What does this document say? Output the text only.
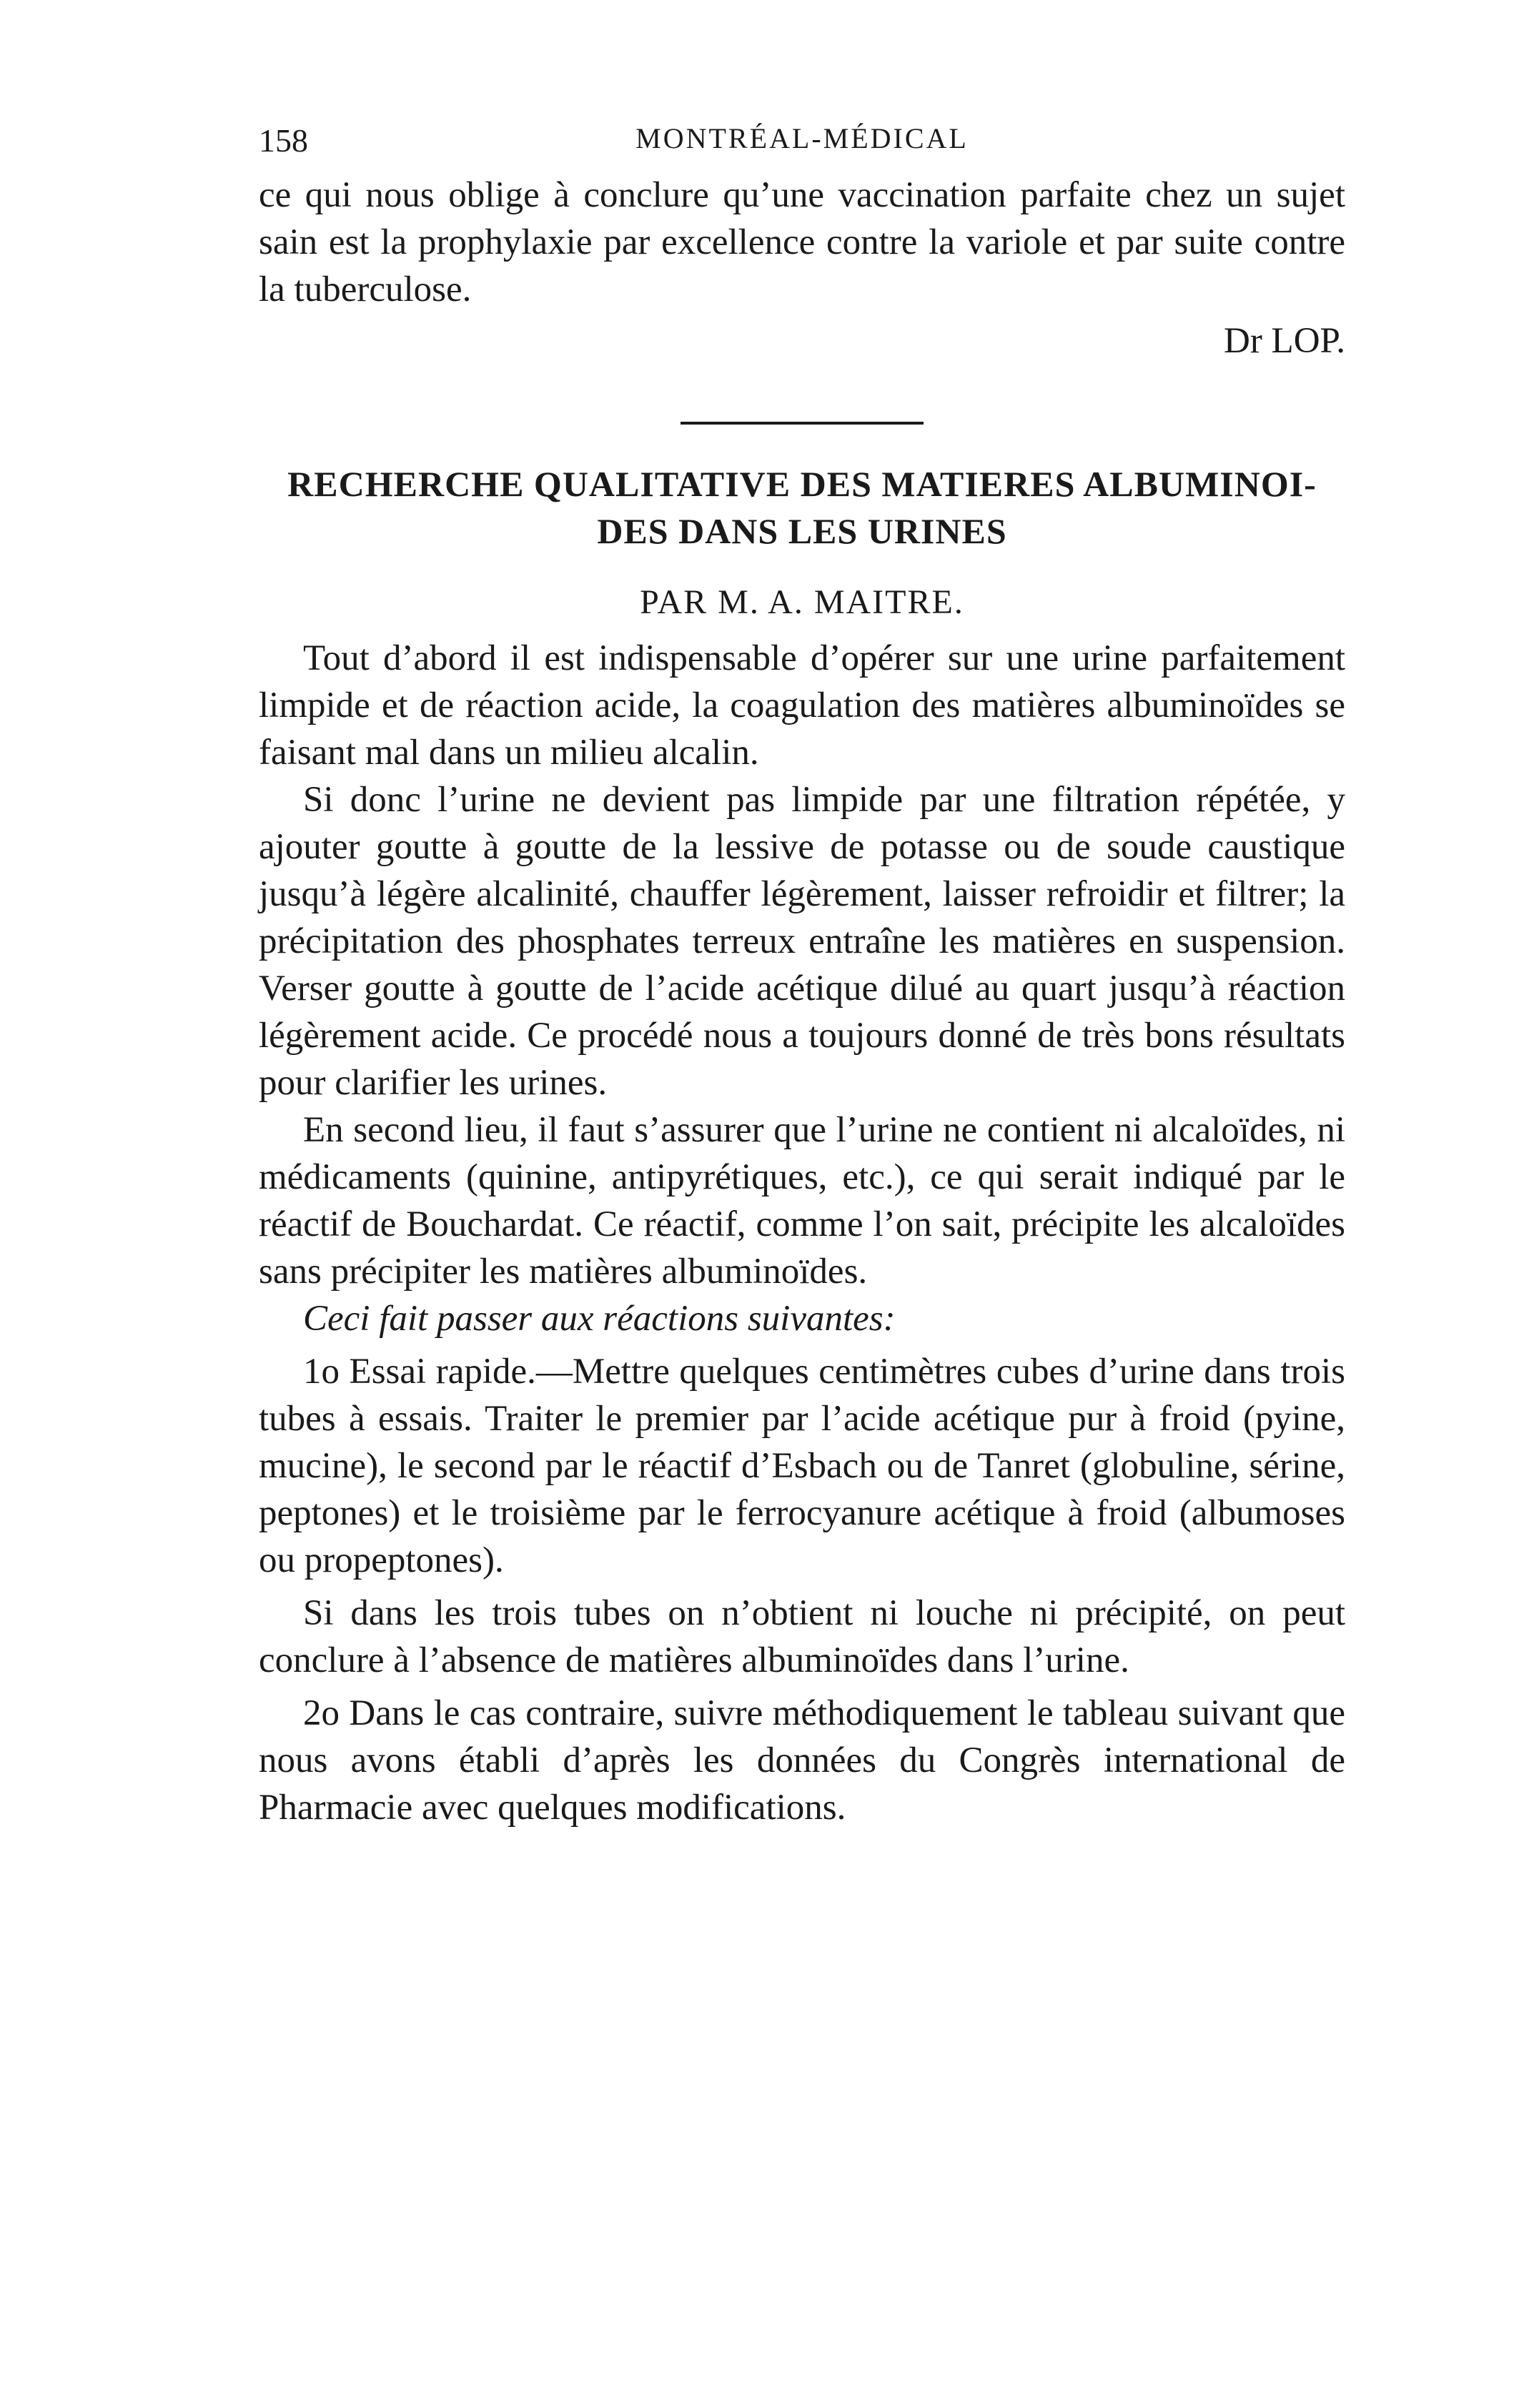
158	MONTRÉAL-MÉDICAL

ce qui nous oblige à conclure qu’une vaccination parfaite chez un sujet sain est la prophylaxie par excellence contre la variole et par suite contre la tuberculose.

Dr LOP.

RECHERCHE QUALITATIVE DES MATIERES ALBUMINOI-
DES DANS LES URINES

PAR M. A. MAITRE.

Tout d’abord il est indispensable d’opérer sur une urine parfaitement limpide et de réaction acide, la coagulation des matières albuminoïdes se faisant mal dans un milieu alcalin.

Si donc l’urine ne devient pas limpide par une filtration répétée, y ajouter goutte à goutte de la lessive de potasse ou de soude caustique jusqu’à légère alcalinité, chauffer légèrement, laisser refroidir et filtrer; la précipitation des phosphates terreux entraîne les matières en suspension. Verser goutte à goutte de l’acide acétique dilué au quart jusqu’à réaction légèrement acide. Ce procédé nous a toujours donné de très bons résultats pour clarifier les urines.

En second lieu, il faut s’assurer que l’urine ne contient ni alcaloïdes, ni médicaments (quinine, antipyrétiques, etc.), ce qui serait indiqué par le réactif de Bouchardat. Ce réactif, comme l’on sait, précipite les alcaloïdes sans précipiter les matières albuminoïdes.

Ceci fait passer aux réactions suivantes:

1o Essai rapide.—Mettre quelques centimètres cubes d’urine dans trois tubes à essais. Traiter le premier par l’acide acétique pur à froid (pyine, mucine), le second par le réactif d’Esbach ou de Tanret (globuline, sérine, peptones) et le troisième par le ferrocyanure acétique à froid (albumoses ou propeptones).

Si dans les trois tubes on n’obtient ni louche ni précipité, on peut conclure à l’absence de matières albuminoïdes dans l’urine.

2o Dans le cas contraire, suivre méthodiquement le tableau suivant que nous avons établi d’après les données du Congrès international de Pharmacie avec quelques modifications.
